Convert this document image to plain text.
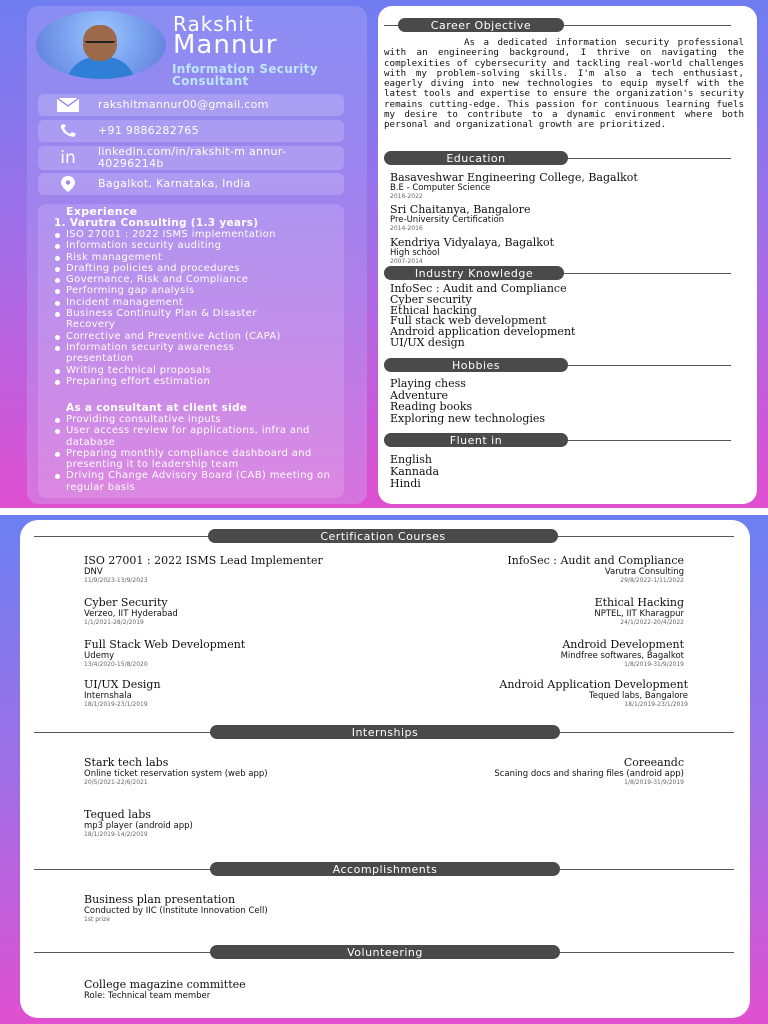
Rakshit
Mannur
Information Security Consultant
rakshitmannur00@gmail.com
+91 9886282765
in	linkedin.com/in/rakshit-m annur-40296214b
Bagalkot, Karnataka, India
Experience
1. Varutra Consulting (1.3 years)
ISO 27001 : 2022 ISMS implementation
Information security auditing
Risk management
Drafting policies and procedures
Governance, Risk and Compliance
Performing gap analysis
Incident management
Business Continuity Plan & Disaster Recovery
Corrective and Preventive Action (CAPA)
Information security awareness presentation
Writing technical proposals
Preparing effort estimation
As a consultant at client side
Providing consultative inputs
User access review for applications, infra and database
Preparing monthly compliance dashboard and presenting it to leadership team
Driving Change Advisory Board (CAB) meeting on regular basis
Career Objective
As a dedicated information security professional with an engineering background, I thrive on navigating the complexities of cybersecurity and tackling real-world challenges with my problem-solving skills. I'm also a tech enthusiast, eagerly diving into new technologies to equip myself with the latest tools and expertise to ensure the organization's security remains cutting-edge. This passion for continuous learning fuels my desire to contribute to a dynamic environment where both personal and organizational growth are prioritized.
Education
Basaveshwar Engineering College, Bagalkot
B.E - Computer Science
2016-2022
Sri Chaitanya, Bangalore
Pre-University Certification
2014-2016
Kendriya Vidyalaya, Bagalkot
High school
2007-2014
Industry Knowledge
InfoSec : Audit and Compliance
Cyber security
Ethical hacking
Full stack web development
Android application development
UI/UX design
Hobbies
Playing chess
Adventure
Reading books
Exploring new technologies
Fluent in
English
Kannada
Hindi
Certification Courses
ISO 27001 : 2022 ISMS Lead Implementer
DNV
11/9/2023-13/9/2023
InfoSec : Audit and Compliance
Varutra Consulting
29/8/2022-1/11/2022
Cyber Security
Verzeo, IIT Hyderabad
1/1/2021-28/2/2019
Ethical Hacking
NPTEL, IIT Kharagpur
24/1/2022-20/4/2022
Full Stack Web Development
Udemy
13/4/2020-15/8/2020
Android Development
Mindfree softwares, Bagalkot
1/8/2019-31/9/2019
UI/UX Design
Internshala
18/1/2019-23/1/2019
Android Application Development
Tequed labs, Bangalore
18/1/2019-23/1/2019
Internships
Stark tech labs
Online ticket reservation system (web app)
20/5/2021-22/6/2021
Coreeandc
Scaning docs and sharing files (android app)
1/8/2019-31/9/2019
Tequed labs
mp3 player (android app)
18/1/2019-14/2/2019
Accomplishments
Business plan presentation
Conducted by IIC (Institute Innovation Cell)
1st prize
Volunteering
College magazine committee
Role: Technical team member
